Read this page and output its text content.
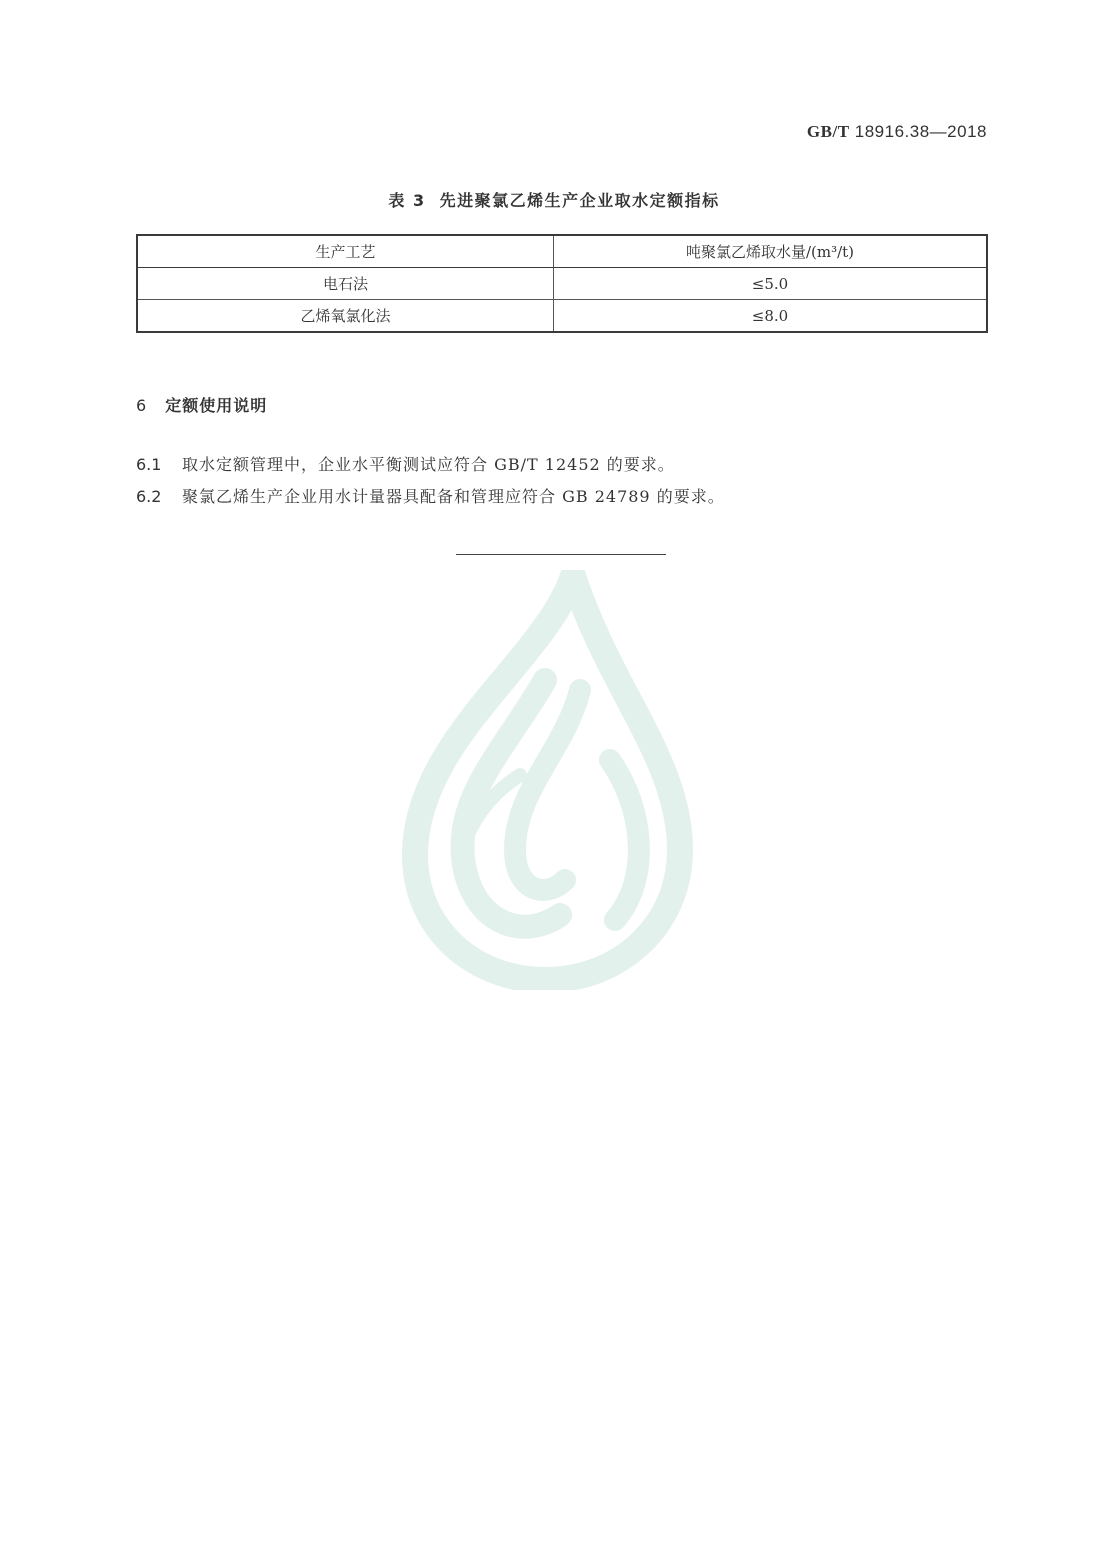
GB/T 18916.38—2018
表 3 先进聚氯乙烯生产企业取水定额指标
生产工艺	吨聚氯乙烯取水量/(m³/t)
电石法	≤5.0
乙烯氧氯化法	≤8.0
6 定额使用说明
6.1 取水定额管理中，企业水平衡测试应符合 GB/T 12452 的要求。
6.2 聚氯乙烯生产企业用水计量器具配备和管理应符合 GB 24789 的要求。
